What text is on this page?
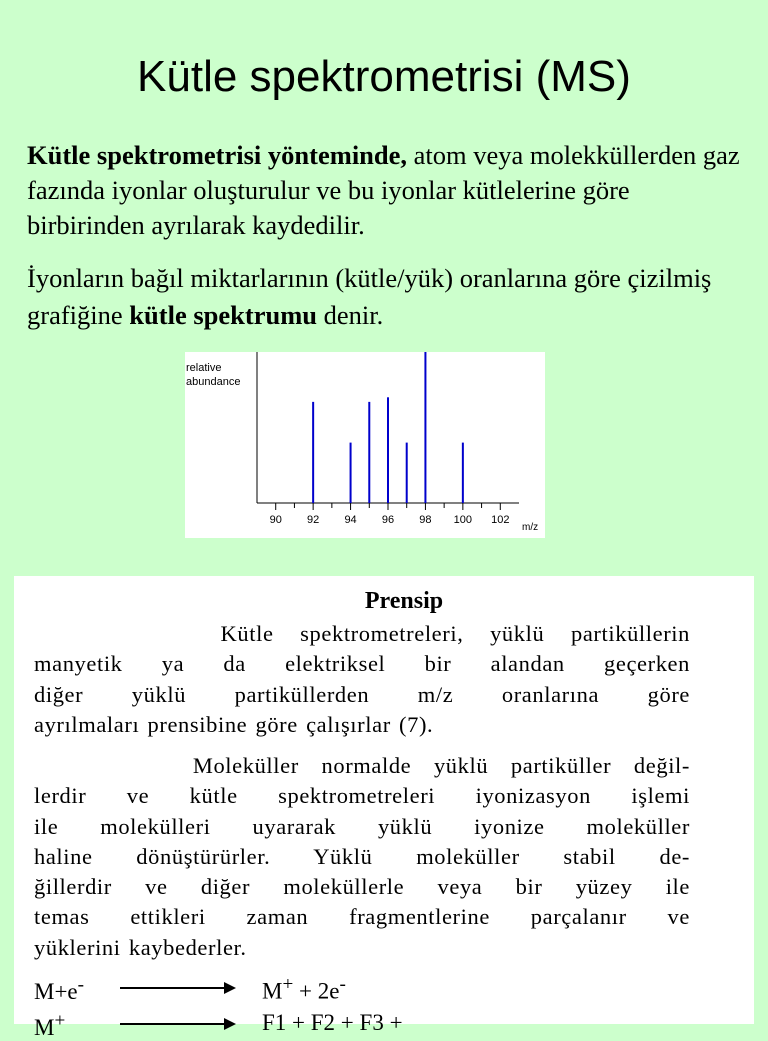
Kütle spektrometrisi (MS)
Kütle spektrometrisi yönteminde, atom veya molekküllerden gaz fazında iyonlar oluşturulur ve bu iyonlar kütlelerine göre birbirinden ayrılarak kaydedilir.
İyonların bağıl miktarlarının (kütle/yük) oranlarına göre çizilmiş grafiğine kütle spektrumu denir.
relative
abundance
90 92 94 96 98 100 102
m/z
Prensip

Kütle spektrometreleri, yüklü partiküllerin
manyetik ya da elektriksel bir alandan geçerken
diğer yüklü partiküllerden m/z oranlarına göre
ayrılmaları prensibine göre çalışırlar (7).

Moleküller normalde yüklü partiküller değil-
lerdir ve kütle spektrometreleri iyonizasyon işlemi
ile molekülleri uyararak yüklü iyonize moleküller
haline dönüştürürler. Yüklü moleküller stabil de-
ğillerdir ve diğer moleküllerle veya bir yüzey ile
temas ettikleri zaman fragmentlerine parçalanır ve
yüklerini kaybederler.

M+e-	M+ + 2e-
M+	F1 + F2 + F3 +
